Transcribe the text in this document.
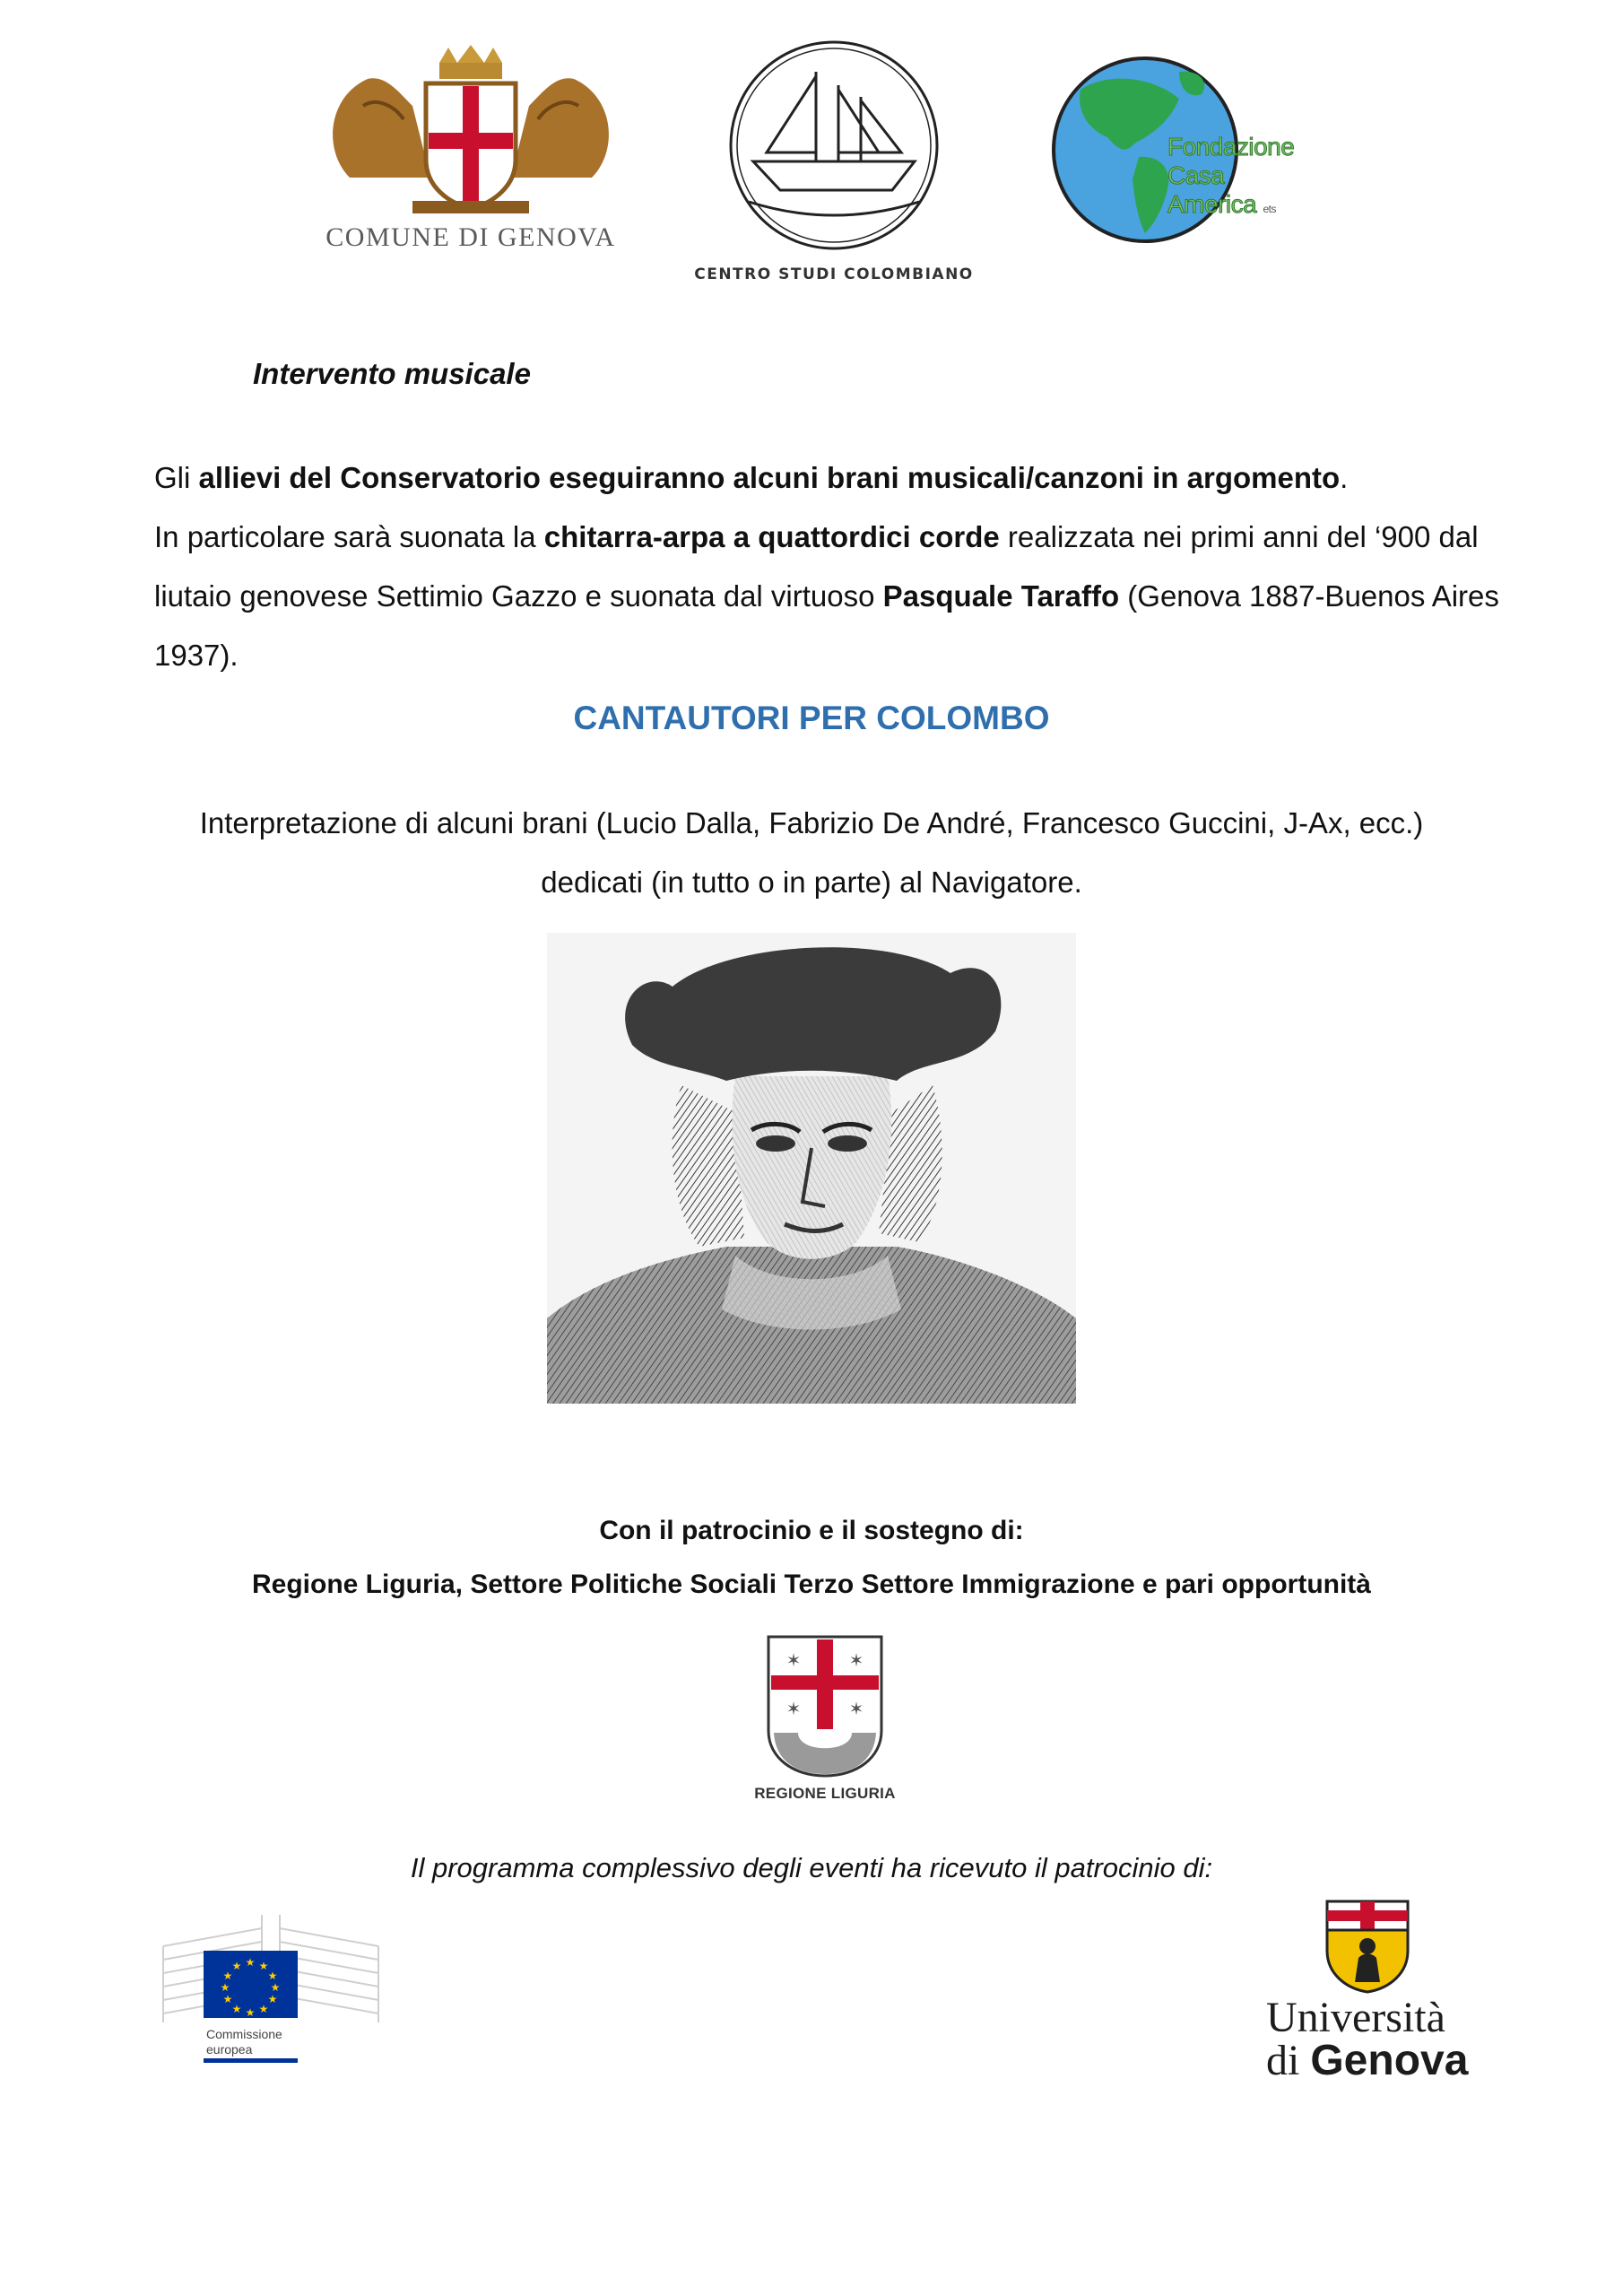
COMUNE DI GENOVA
CENTRO STUDI COLOMBIANO
Fondazione
Casa
America ets
Intervento musicale
Gli allievi del Conservatorio eseguiranno alcuni brani musicali/canzoni in argomento.
In particolare sarà suonata la chitarra-arpa a quattordici corde realizzata nei primi anni del ‘900 dal liutaio genovese Settimio Gazzo e suonata dal virtuoso Pasquale Taraffo (Genova 1887-Buenos Aires 1937).
CANTAUTORI PER COLOMBO
Interpretazione di alcuni brani (Lucio Dalla, Fabrizio De André, Francesco Guccini, J-Ax, ecc.)
dedicati (in tutto o in parte) al Navigatore.
Con il patrocinio e il sostegno di:
Regione Liguria, Settore Politiche Sociali Terzo Settore Immigrazione e pari opportunità
✶	✶
✶	✶
REGIONE LIGURIA
Il programma complessivo degli eventi ha ricevuto il patrocinio di:
★ ★
★
★
★
★
★
★
★
★
★
★
Commissione
europea
Università
di Genova
